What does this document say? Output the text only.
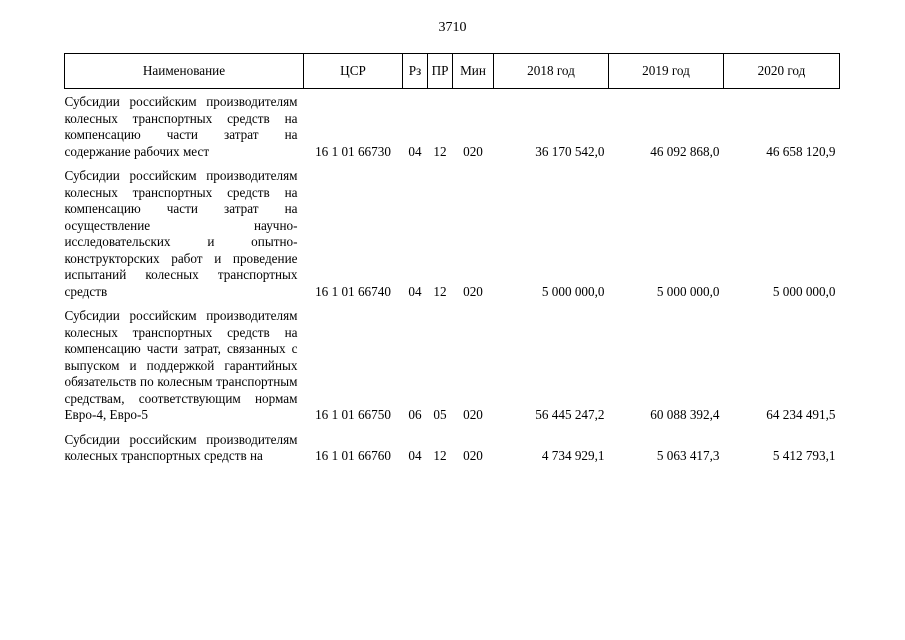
3710
Наименование	ЦСР	Рз	ПР	Мин	2018 год	2019 год	2020 год

Субсидии российским производителям колесных транспортных средств на компенсацию части затрат на содержание рабочих мест	16 1 01 66730	04	12	020	36 170 542,0	46 092 868,0	46 658 120,9

Субсидии российским производителям колесных транспортных средств на компенсацию части затрат на осуществление научно-исследовательских и опытно-конструкторских работ и проведение испытаний колесных транспортных средств	16 1 01 66740	04	12	020	5 000 000,0	5 000 000,0	5 000 000,0

Субсидии российским производителям колесных транспортных средств на компенсацию части затрат, связанных с выпуском и поддержкой гарантийных обязательств по колесным транспортным средствам, соответствующим нормам Евро-4, Евро-5	16 1 01 66750	06	05	020	56 445 247,2	60 088 392,4	64 234 491,5

Субсидии российским производителям колесных транспортных средств на	16 1 01 66760	04	12	020	4 734 929,1	5 063 417,3	5 412 793,1
